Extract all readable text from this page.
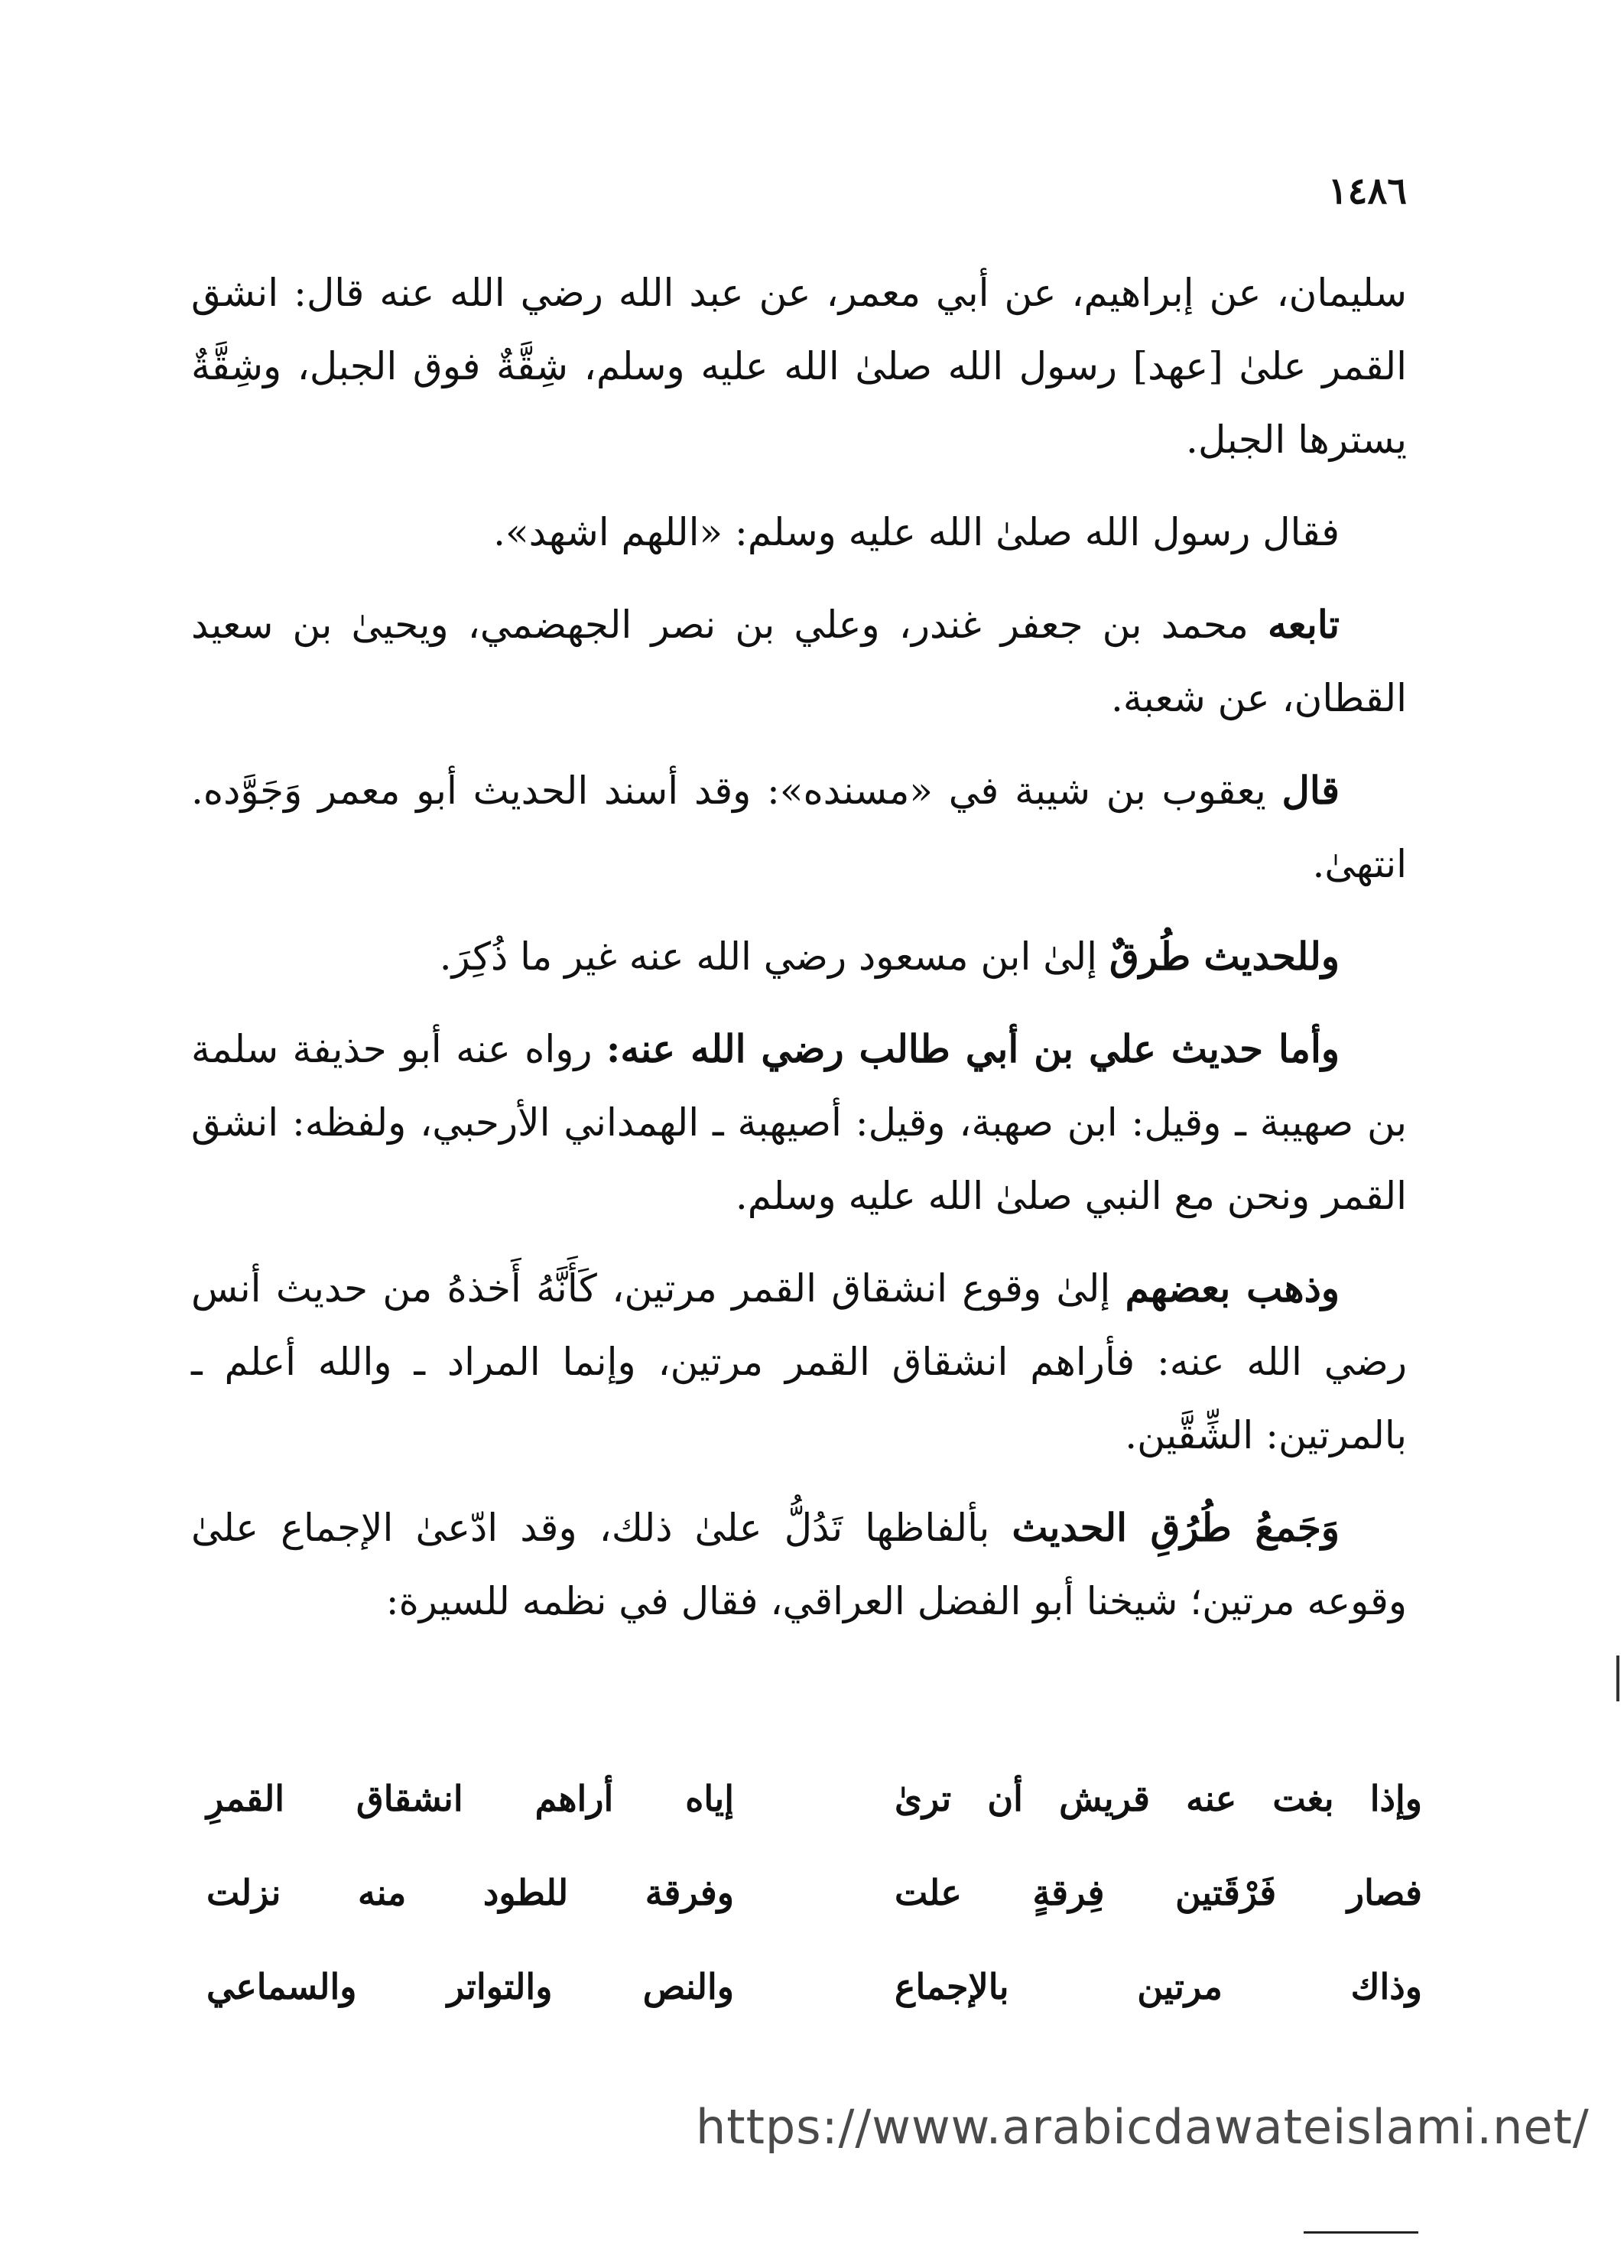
١٤٨٦

سليمان، عن إبراهيم، عن أبي معمر، عن عبد الله رضي الله عنه قال: انشق القمر علىٰ [عهد] رسول الله صلىٰ الله عليه وسلم، شِقَّةٌ فوق الجبل، وشِقَّةٌ يسترها الجبل.

فقال رسول الله صلىٰ الله عليه وسلم: «اللهم اشهد».

تابعه محمد بن جعفر غندر، وعلي بن نصر الجهضمي، ويحيىٰ بن سعيد القطان، عن شعبة.

قال يعقوب بن شيبة في «مسنده»: وقد أسند الحديث أبو معمر وَجَوَّده. انتهىٰ.

وللحديث طُرقٌ إلىٰ ابن مسعود رضي الله عنه غير ما ذُكِرَ.

وأما حديث علي بن أبي طالب رضي الله عنه: رواه عنه أبو حذيفة سلمة بن صهيبة ـ وقيل: ابن صهبة، وقيل: أصيهبة ـ الهمداني الأرحبي، ولفظه: انشق القمر ونحن مع النبي صلىٰ الله عليه وسلم.

وذهب بعضهم إلىٰ وقوع انشقاق القمر مرتين، كَأَنَّهُ أَخذهُ من حديث أنس رضي الله عنه: فأراهم انشقاق القمر مرتين، وإنما المراد ـ والله أعلم ـ بالمرتين: الشِّقَّين.

وَجَمعُ طُرُقِ الحديث بألفاظها تَدُلُّ علىٰ ذلك، وقد ادّعىٰ الإجماع علىٰ وقوعه مرتين؛ شيخنا أبو الفضل العراقي، فقال في نظمه للسيرة:

وإذا بغت عنه قريش أن ترىٰ
إياه أراهم انشقاق القمرِ
فصار فَرْقَتين فِرقةٍ علت
وفرقة للطود منه نزلت
وذاك مرتين بالإجماع
والنص والتواتر والسماعي
https://www.arabicdawateislami.net/
